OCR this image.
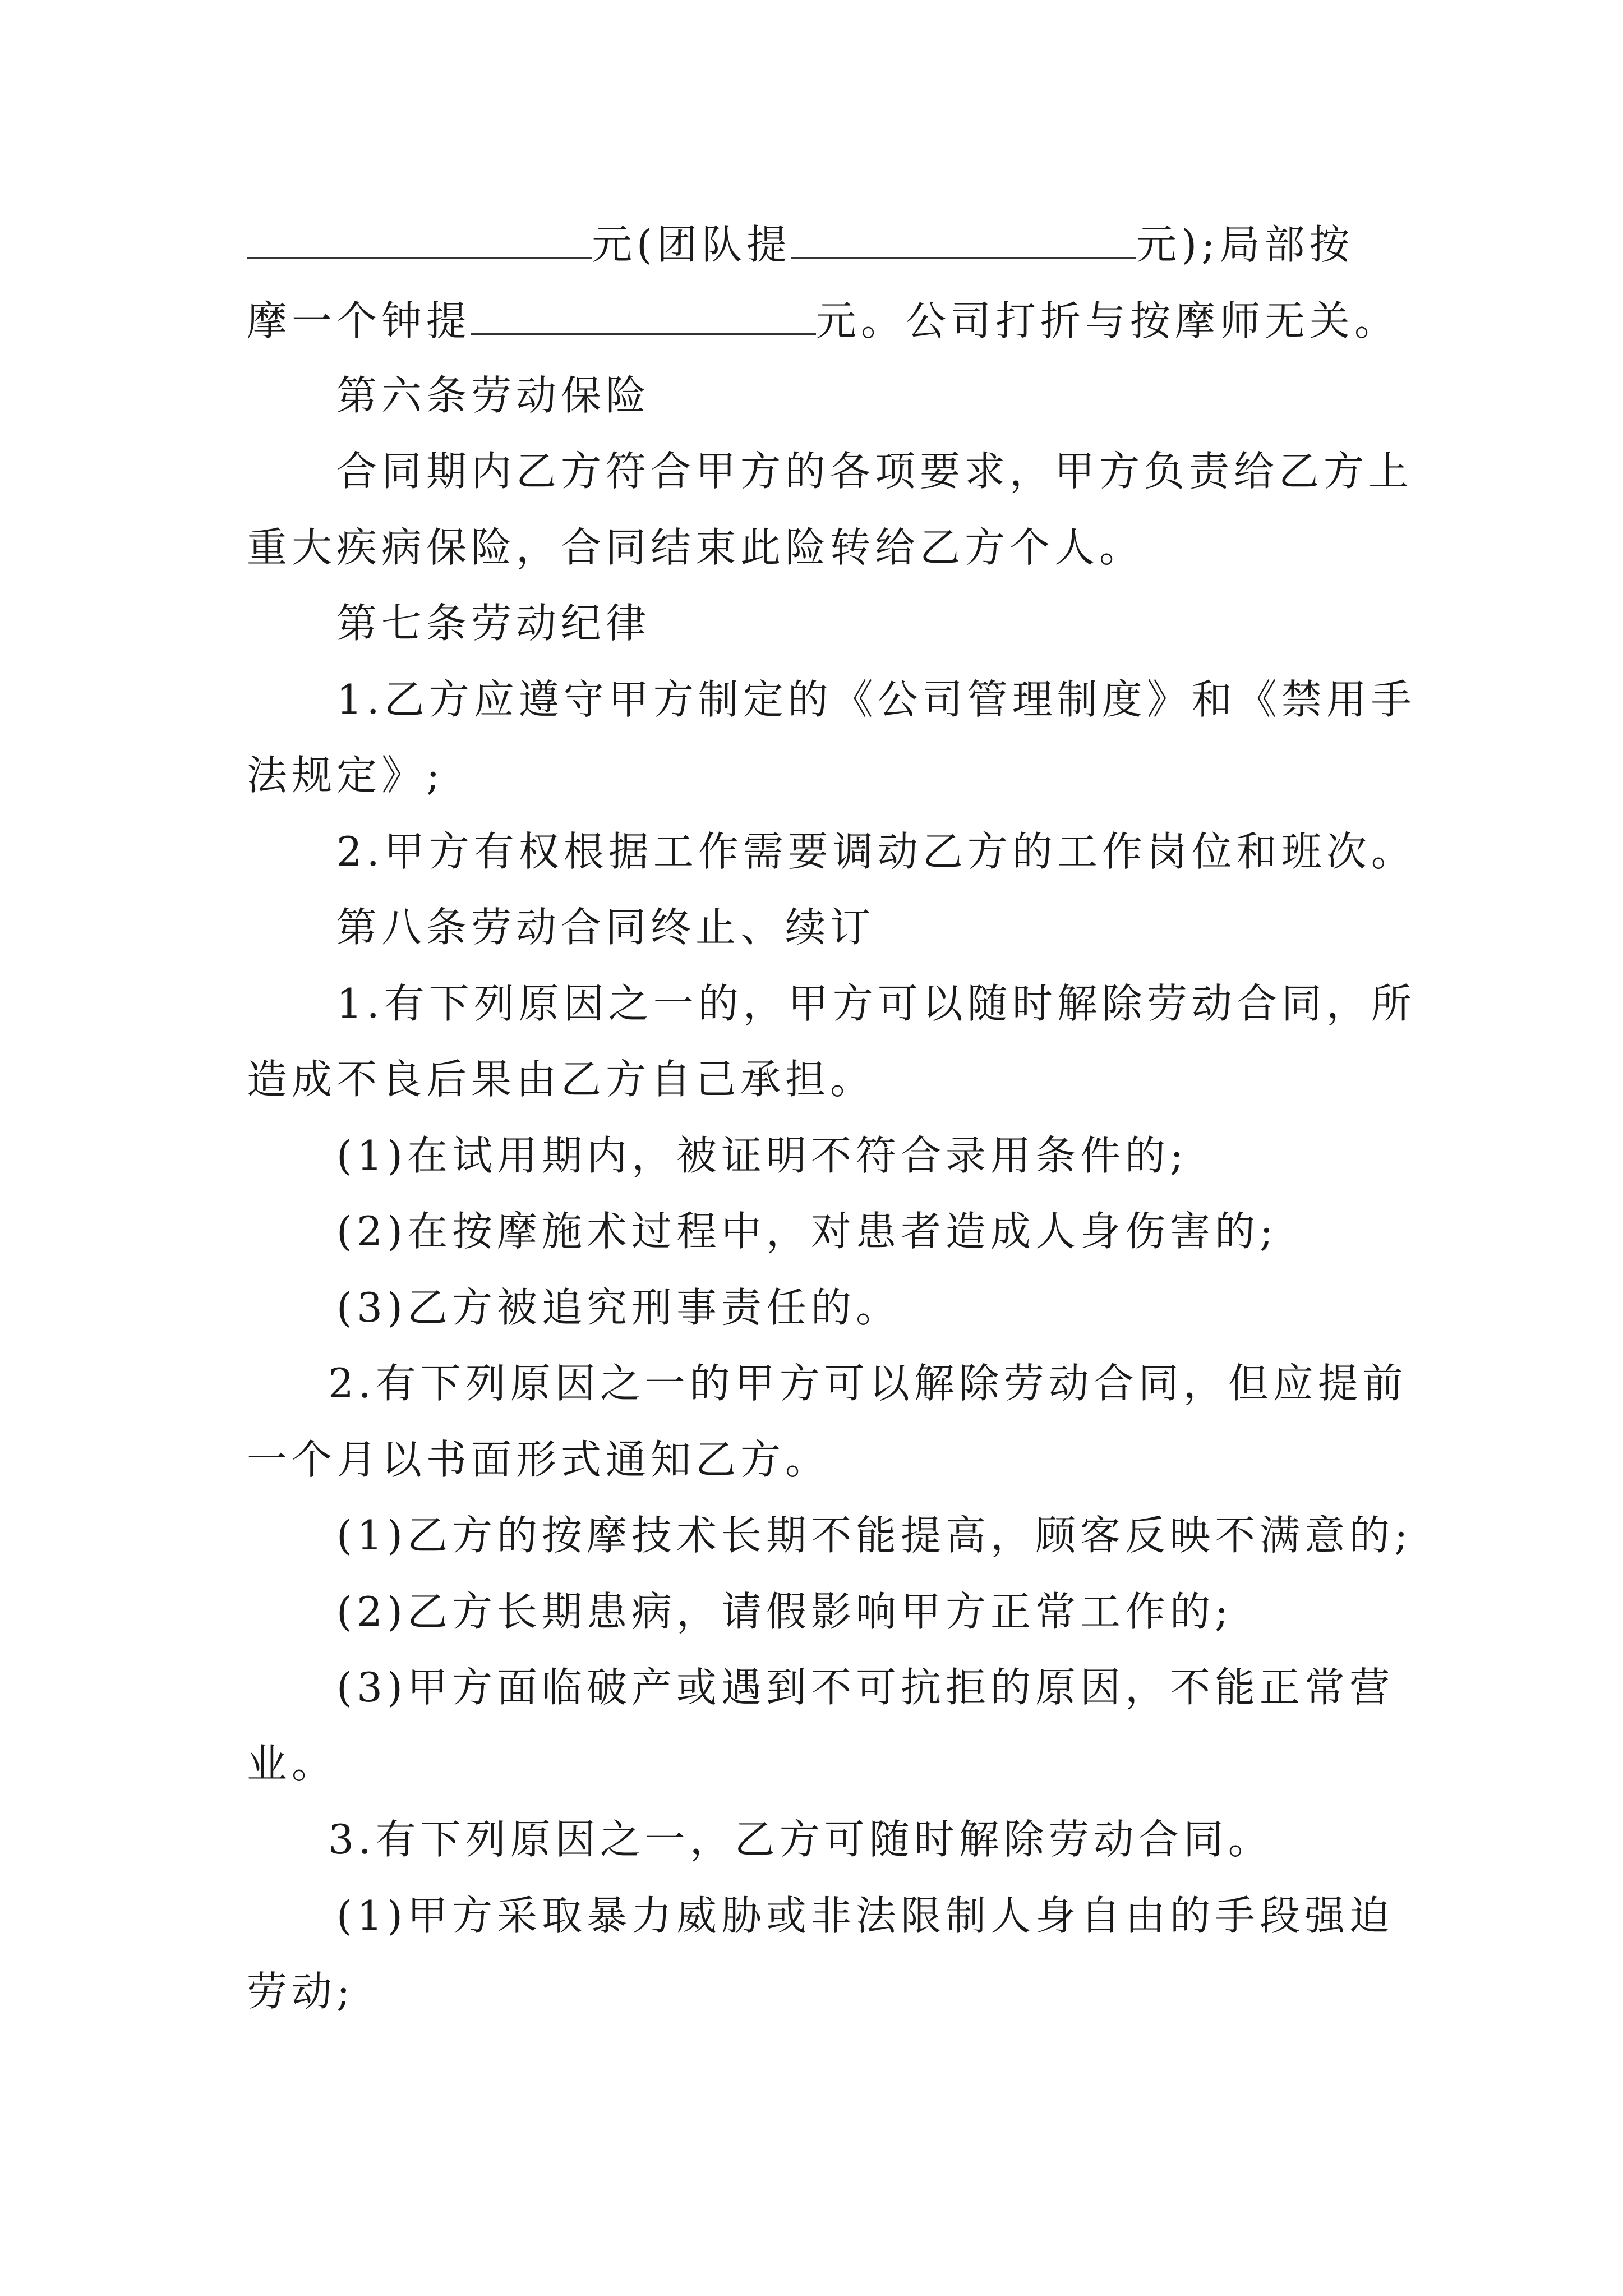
元(团队提	元);局部按
摩一个钟提	元。公司打折与按摩师无关。
第六条劳动保险
合同期内乙方符合甲方的各项要求，甲方负责给乙方上
重大疾病保险，合同结束此险转给乙方个人。
第七条劳动纪律
1.乙方应遵守甲方制定的《公司管理制度》和《禁用手
法规定》;
2.甲方有权根据工作需要调动乙方的工作岗位和班次。
第八条劳动合同终止、续订
1.有下列原因之一的，甲方可以随时解除劳动合同，所
造成不良后果由乙方自己承担。
(1)在试用期内，被证明不符合录用条件的;
(2)在按摩施术过程中，对患者造成人身伤害的;
(3)乙方被追究刑事责任的。
2.有下列原因之一的甲方可以解除劳动合同，但应提前
一个月以书面形式通知乙方。
(1)乙方的按摩技术长期不能提高，顾客反映不满意的;
(2)乙方长期患病，请假影响甲方正常工作的;
(3)甲方面临破产或遇到不可抗拒的原因，不能正常营
业。
3.有下列原因之一，乙方可随时解除劳动合同。
(1)甲方采取暴力威胁或非法限制人身自由的手段强迫
劳动;
